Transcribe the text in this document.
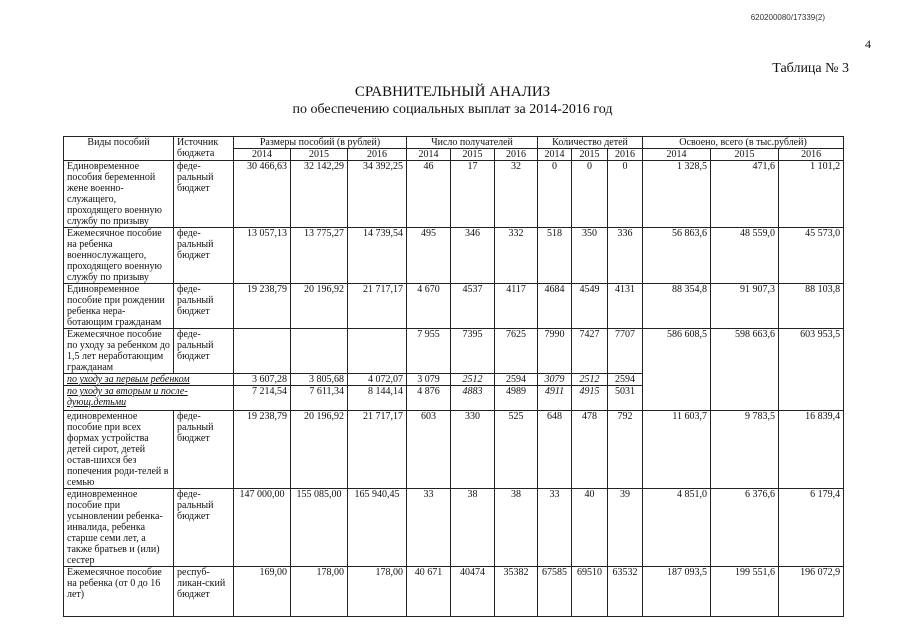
620200080/17339(2)
4
Таблица № 3
СРАВНИТЕЛЬНЫЙ АНАЛИЗ
по обеспечению социальных выплат за 2014-2016 год
Виды пособий	Источник бюджета	Размеры пособий (в рублей)			Число получателей			Количество детей			Освоено, всего (в тыс.рублей)		
		2014	2015	2016	2014	2015	2016	2014	2015	2016	2014	2015	2016
Единовременное пособия беременной жене военно-служащего, проходящего военную службу по призыву	феде-ральный бюджет	30 466,63	32 142,29	34 392,25	46	17	32	0	0	0	1 328,5	471,6	1 101,2
Ежемесячное пособие на ребенка военнослужащего, проходящего военную службу по призыву	феде-ральный бюджет	13 057,13	13 775,27	14 739,54	495	346	332	518	350	336	56 863,6	48 559,0	45 573,0
Единовременное пособие при рождении ребенка нера-ботающим гражданам	феде-ральный бюджет	19 238,79	20 196,92	21 717,17	4 670	4537	4117	4684	4549	4131	88 354,8	91 907,3	88 103,8
Ежемесячное пособие по уходу за ребенком до 1,5 лет неработающим гражданам	феде-ральный бюджет				7 955	7395	7625	7990	7427	7707	586 608,5	598 663,6	603 953,5
по уходу за первым ребенком		3 607,28	3 805,68	4 072,07	3 079	2512	2594	3079	2512	2594			
по уходу за вторым и после-дующ.детьми		7 214,54	7 611,34	8 144,14	4 876	4883	4989	4911	4915	5031			
единовременное пособие при всех формах устройства детей сирот, детей остав-шихся без попечения роди-телей в семью	феде-ральный бюджет	19 238,79	20 196,92	21 717,17	603	330	525	648	478	792	11 603,7	9 783,5	16 839,4
единовременное пособие при усыновлении ребенка-инвалида, ребенка старше семи лет, а также братьев и (или) сестер	феде-ральный бюджет	147 000,00	155 085,00	165 940,45	33	38	38	33	40	39	4 851,0	6 376,6	6 179,4
Ежемесячное пособие на ребенка (от 0 до 16 лет)	респуб-ликан-ский бюджет	169,00	178,00	178,00	40 671	40474	35382	67585	69510	63532	187 093,5	199 551,6	196 072,9
